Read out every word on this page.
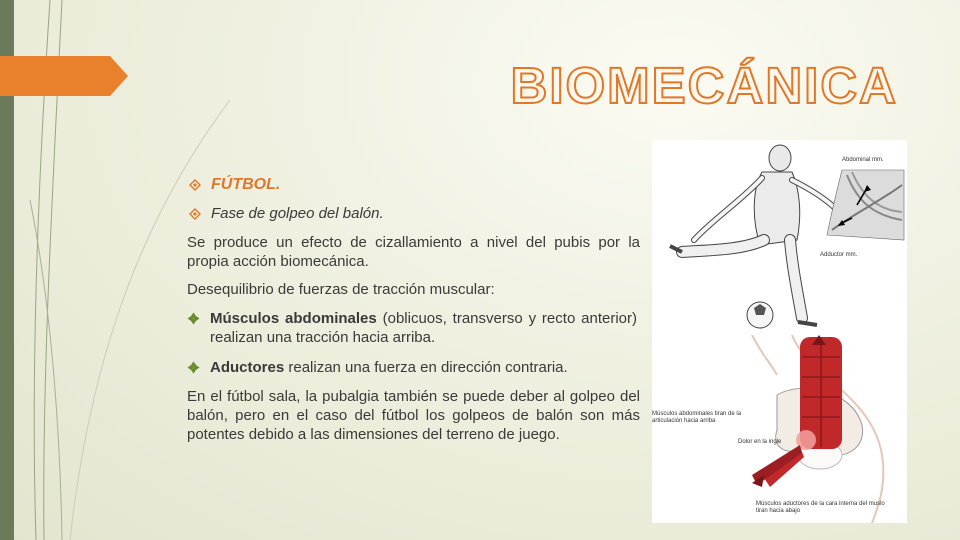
BIOMECÁNICA
FÚTBOL.
Fase de golpeo del balón.
Se produce un efecto de cizallamiento a nivel del pubis por la propia acción biomecánica.
Desequilibrio de fuerzas de tracción muscular:
Músculos abdominales (oblicuos, transverso y recto anterior) realizan una tracción hacia arriba.
Aductores realizan una fuerza en dirección contraria.
En el fútbol sala, la pubalgia también se puede deber al golpeo del balón, pero en el caso del fútbol los golpeos de balón son más potentes debido a las dimensiones del terreno de juego.
Abdominal mm.
Adductor mm.
Músculos abdominales tiran de la articulación hacia arriba
Dolor en la ingle
Músculos aductores de la cara interna del muslo tiran hacia abajo
